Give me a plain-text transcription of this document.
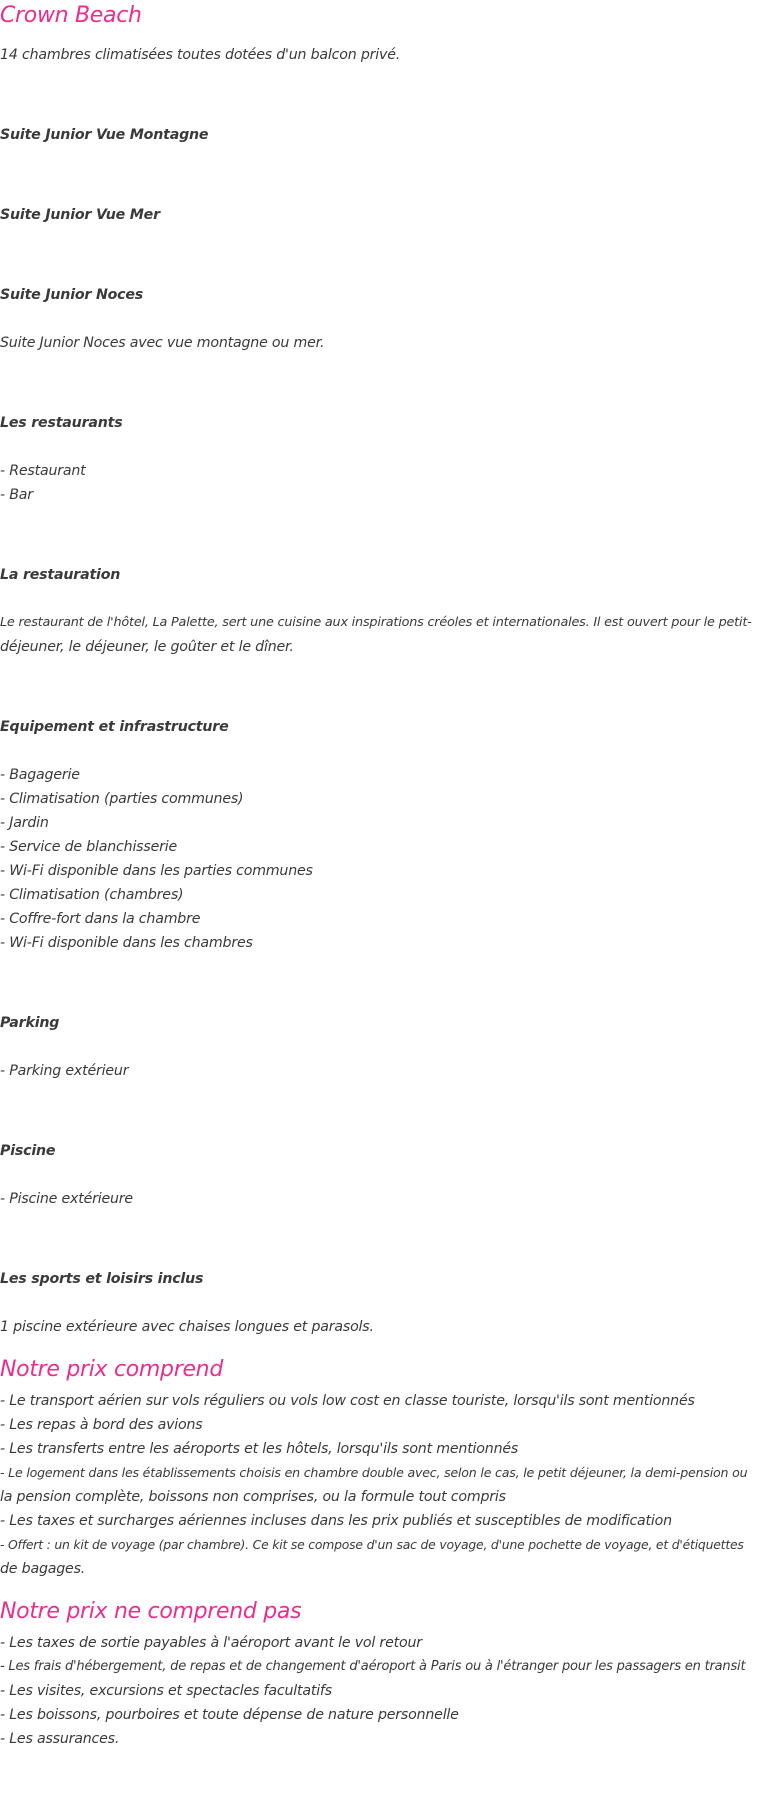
Crown Beach

14 chambres climatisées toutes dotées d'un balcon privé.

Suite Junior Vue Montagne

Suite Junior Vue Mer

Suite Junior Noces

Suite Junior Noces avec vue montagne ou mer.

Les restaurants

- Restaurant
- Bar

La restauration

Le restaurant de l'hôtel, La Palette, sert une cuisine aux inspirations créoles et internationales. Il est ouvert pour le petit-
déjeuner, le déjeuner, le goûter et le dîner.

Equipement et infrastructure

- Bagagerie
- Climatisation (parties communes)
- Jardin
- Service de blanchisserie
- Wi-Fi disponible dans les parties communes
- Climatisation (chambres)
- Coffre-fort dans la chambre
- Wi-Fi disponible dans les chambres

Parking

- Parking extérieur

Piscine

- Piscine extérieure

Les sports et loisirs inclus

1 piscine extérieure avec chaises longues et parasols.

Notre prix comprend
- Le transport aérien sur vols réguliers ou vols low cost en classe touriste, lorsqu'ils sont mentionnés
- Les repas à bord des avions
- Les transferts entre les aéroports et les hôtels, lorsqu'ils sont mentionnés
- Le logement dans les établissements choisis en chambre double avec, selon le cas, le petit déjeuner, la demi-pension ou
la pension complète, boissons non comprises, ou la formule tout compris
- Les taxes et surcharges aériennes incluses dans les prix publiés et susceptibles de modification
- Offert : un kit de voyage (par chambre). Ce kit se compose d'un sac de voyage, d'une pochette de voyage, et d'étiquettes
de bagages.
Notre prix ne comprend pas
- Les taxes de sortie payables à l'aéroport avant le vol retour
- Les frais d'hébergement, de repas et de changement d'aéroport à Paris ou à l'étranger pour les passagers en transit
- Les visites, excursions et spectacles facultatifs
- Les boissons, pourboires et toute dépense de nature personnelle
- Les assurances.
